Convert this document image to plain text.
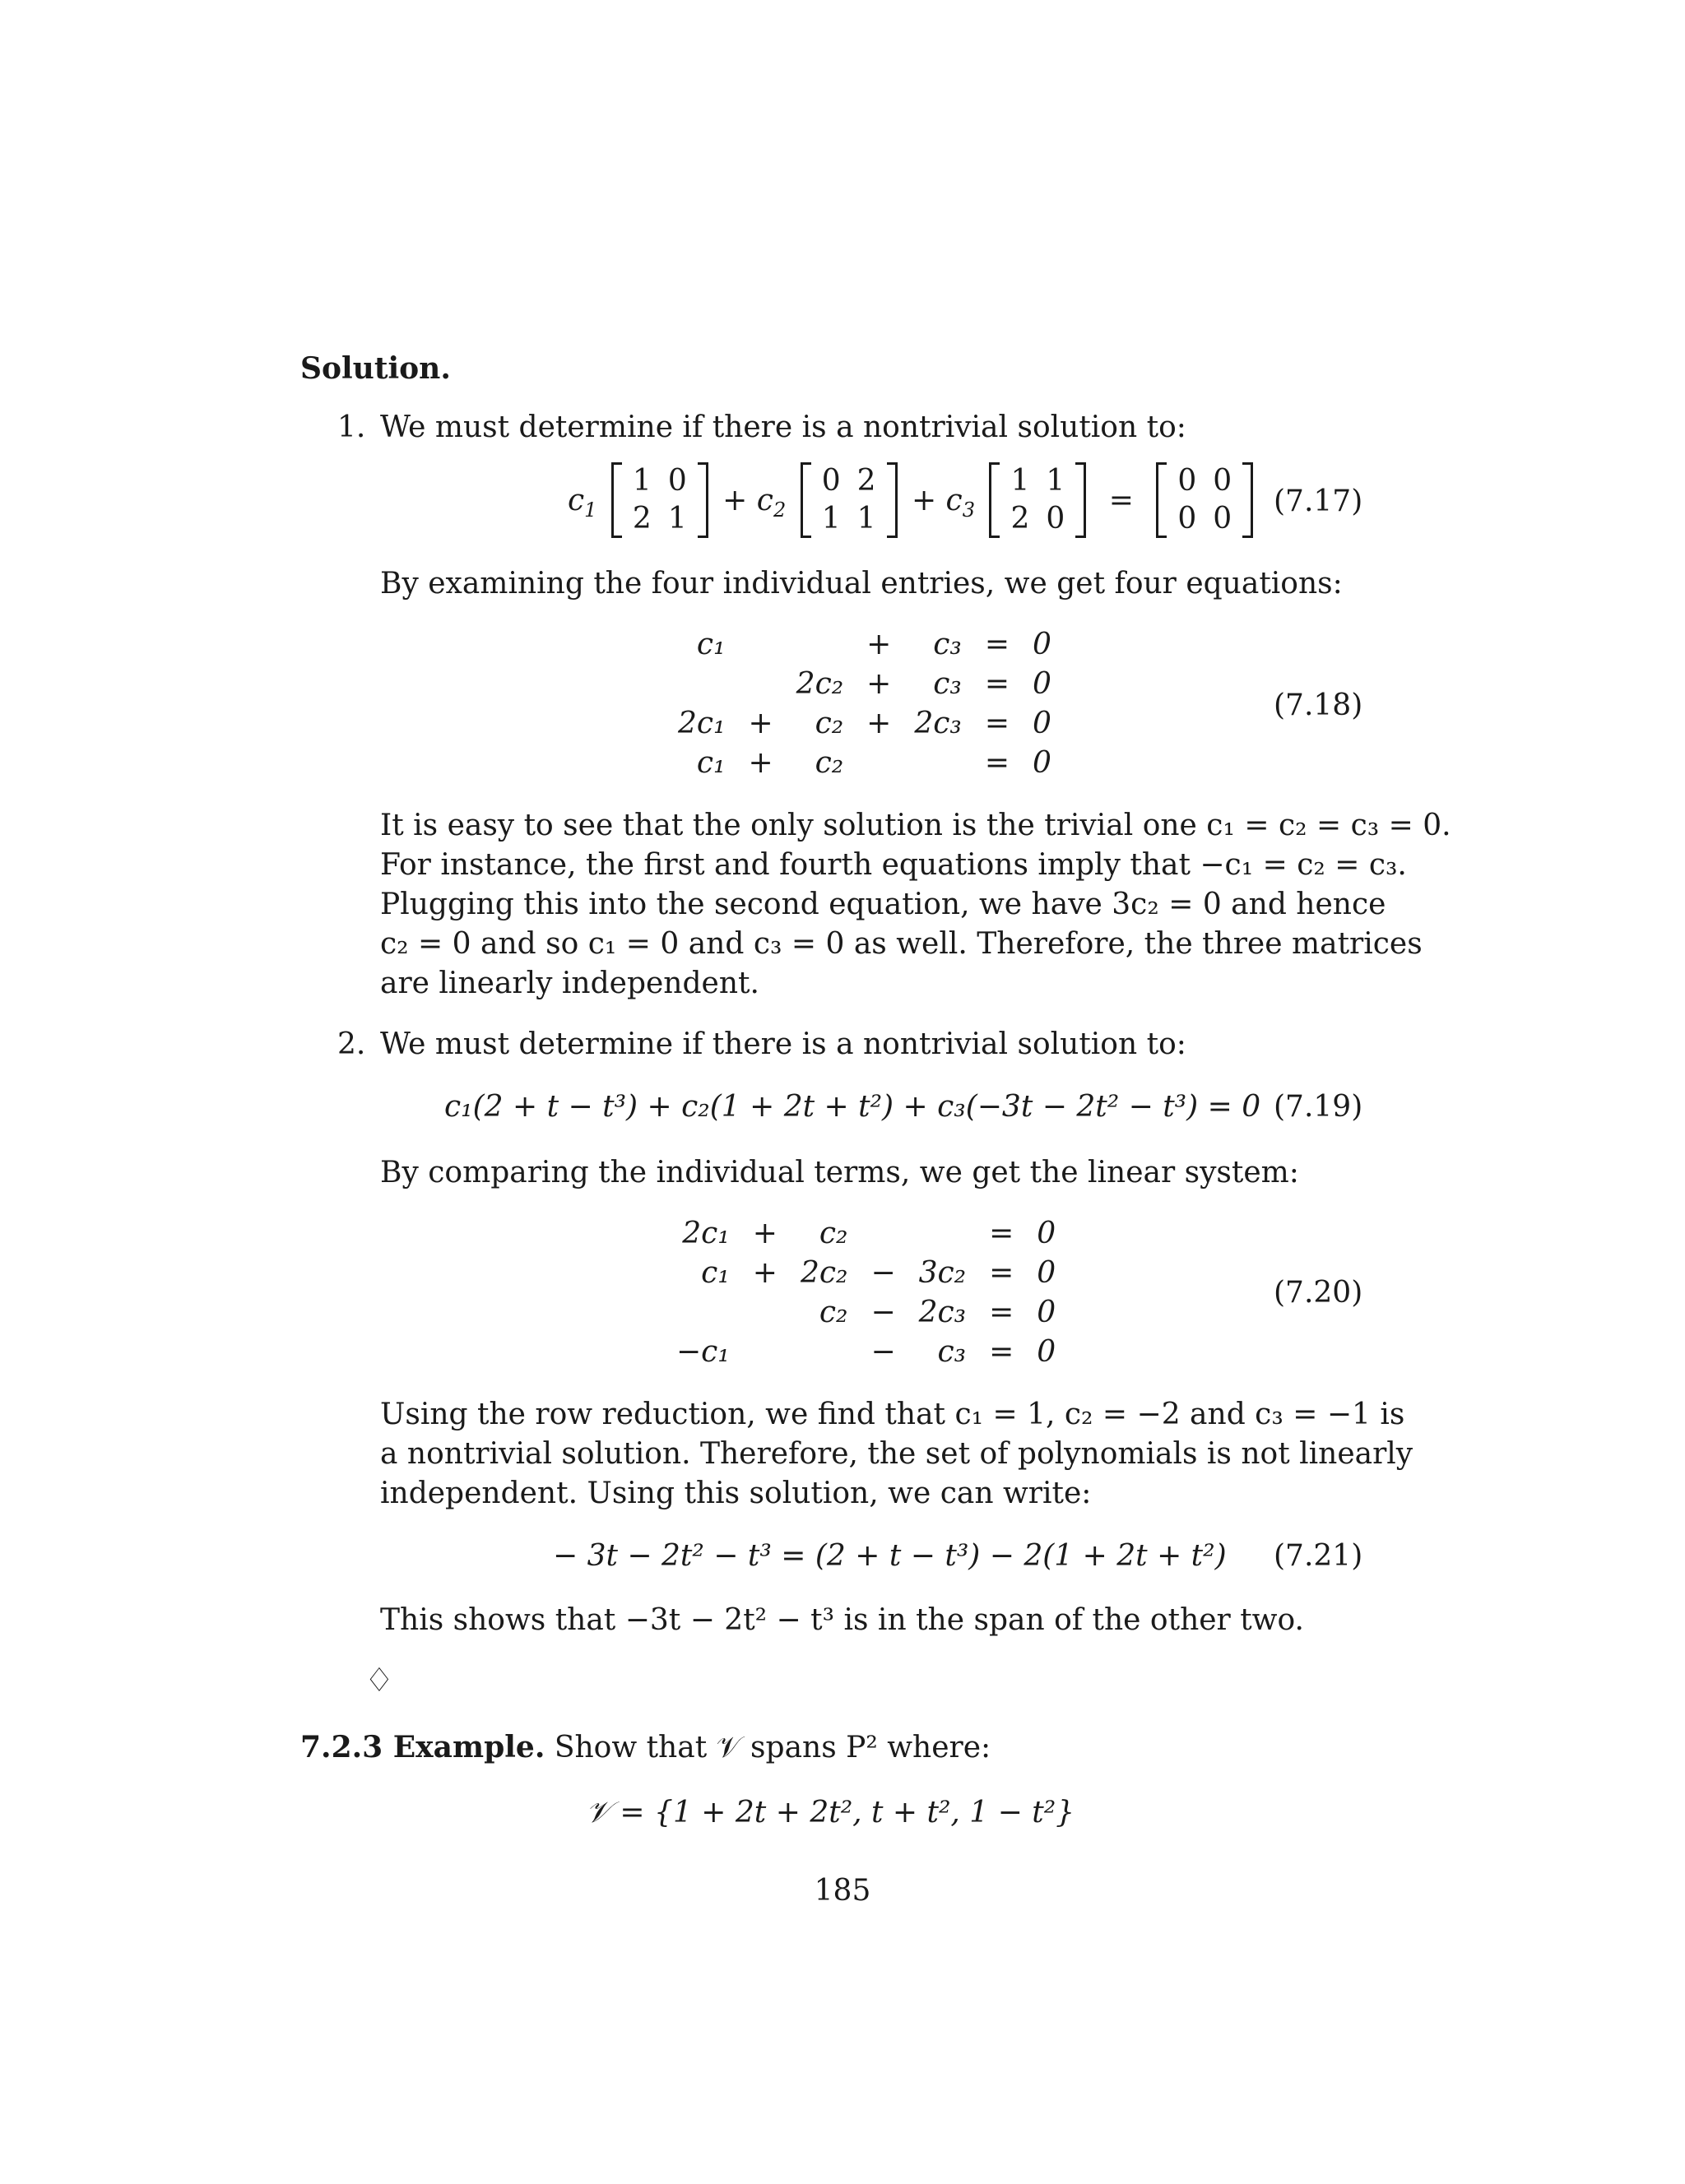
Solution.
1. We must determine if there is a nontrivial solution to:
$c_1$
1	0
2	1
+ $c_2$
0	2
1	1
+ $c_3$
1	1
2	0
=
0	0
0	0
(7.17)
By examining the four individual entries, we get four equations:
c₁			+	c₃	=	0
		2c₂	+	c₃	=	0
2c₁	+	c₂	+	2c₃	=	0
c₁	+	c₂			=	0
(7.18)
It is easy to see that the only solution is the trivial one c₁ = c₂ = c₃ = 0.
For instance, the first and fourth equations imply that −c₁ = c₂ = c₃.
Plugging this into the second equation, we have 3c₂ = 0 and hence
c₂ = 0 and so c₁ = 0 and c₃ = 0 as well. Therefore, the three matrices
are linearly independent.
2. We must determine if there is a nontrivial solution to:
c₁(2 + t − t³) + c₂(1 + 2t + t²) + c₃(−3t − 2t² − t³) = 0 (7.19)
By comparing the individual terms, we get the linear system:
2c₁	+	c₂			=	0
c₁	+	2c₂	−	3c₂	=	0
		c₂	−	2c₃	=	0
−c₁			−	c₃	=	0
(7.20)
Using the row reduction, we find that c₁ = 1, c₂ = −2 and c₃ = −1 is
a nontrivial solution. Therefore, the set of polynomials is not linearly
independent. Using this solution, we can write:
− 3t − 2t² − t³ = (2 + t − t³) − 2(1 + 2t + t²) (7.21)
This shows that −3t − 2t² − t³ is in the span of the other two.
♢
7.2.3 Example. Show that 𝒱 spans P² where:
𝒱 = {1 + 2t + 2t², t + t², 1 − t²}
185
